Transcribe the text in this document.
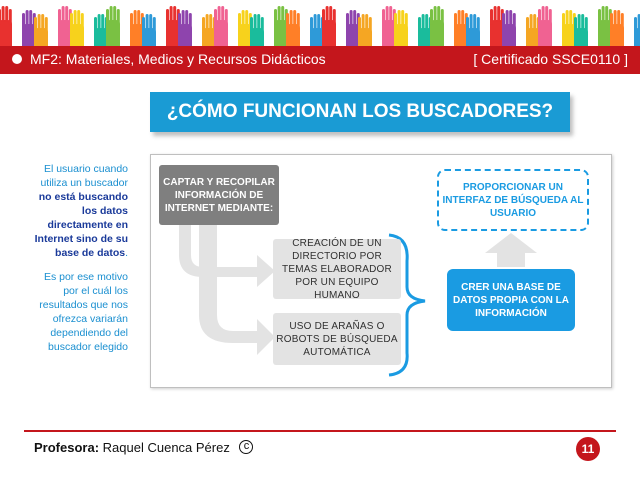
MF2: Materiales, Medios y Recursos Didácticos	[ Certificado SSCE0110 ]
¿CÓMO FUNCIONAN LOS BUSCADORES?

El usuario cuando utiliza un buscador no está buscando los datos directamente en Internet sino de su base de datos.

Es por ese motivo por el cuál los resultados que nos ofrezca variarán dependiendo del buscador elegido

CAPTAR Y RECOPILAR INFORMACIÓN DE INTERNET MEDIANTE:
CREACIÓN DE UN DIRECTORIO POR TEMAS ELABORADOR POR UN EQUIPO HUMANO
USO DE ARAÑAS O ROBOTS DE BÚSQUEDA AUTOMÁTICA
CRER UNA BASE DE DATOS PROPIA CON LA INFORMACIÓN
PROPORCIONAR UN INTERFAZ DE BÚSQUEDA AL USUARIO
Profesora: Raquel Cuenca Pérez c	11
